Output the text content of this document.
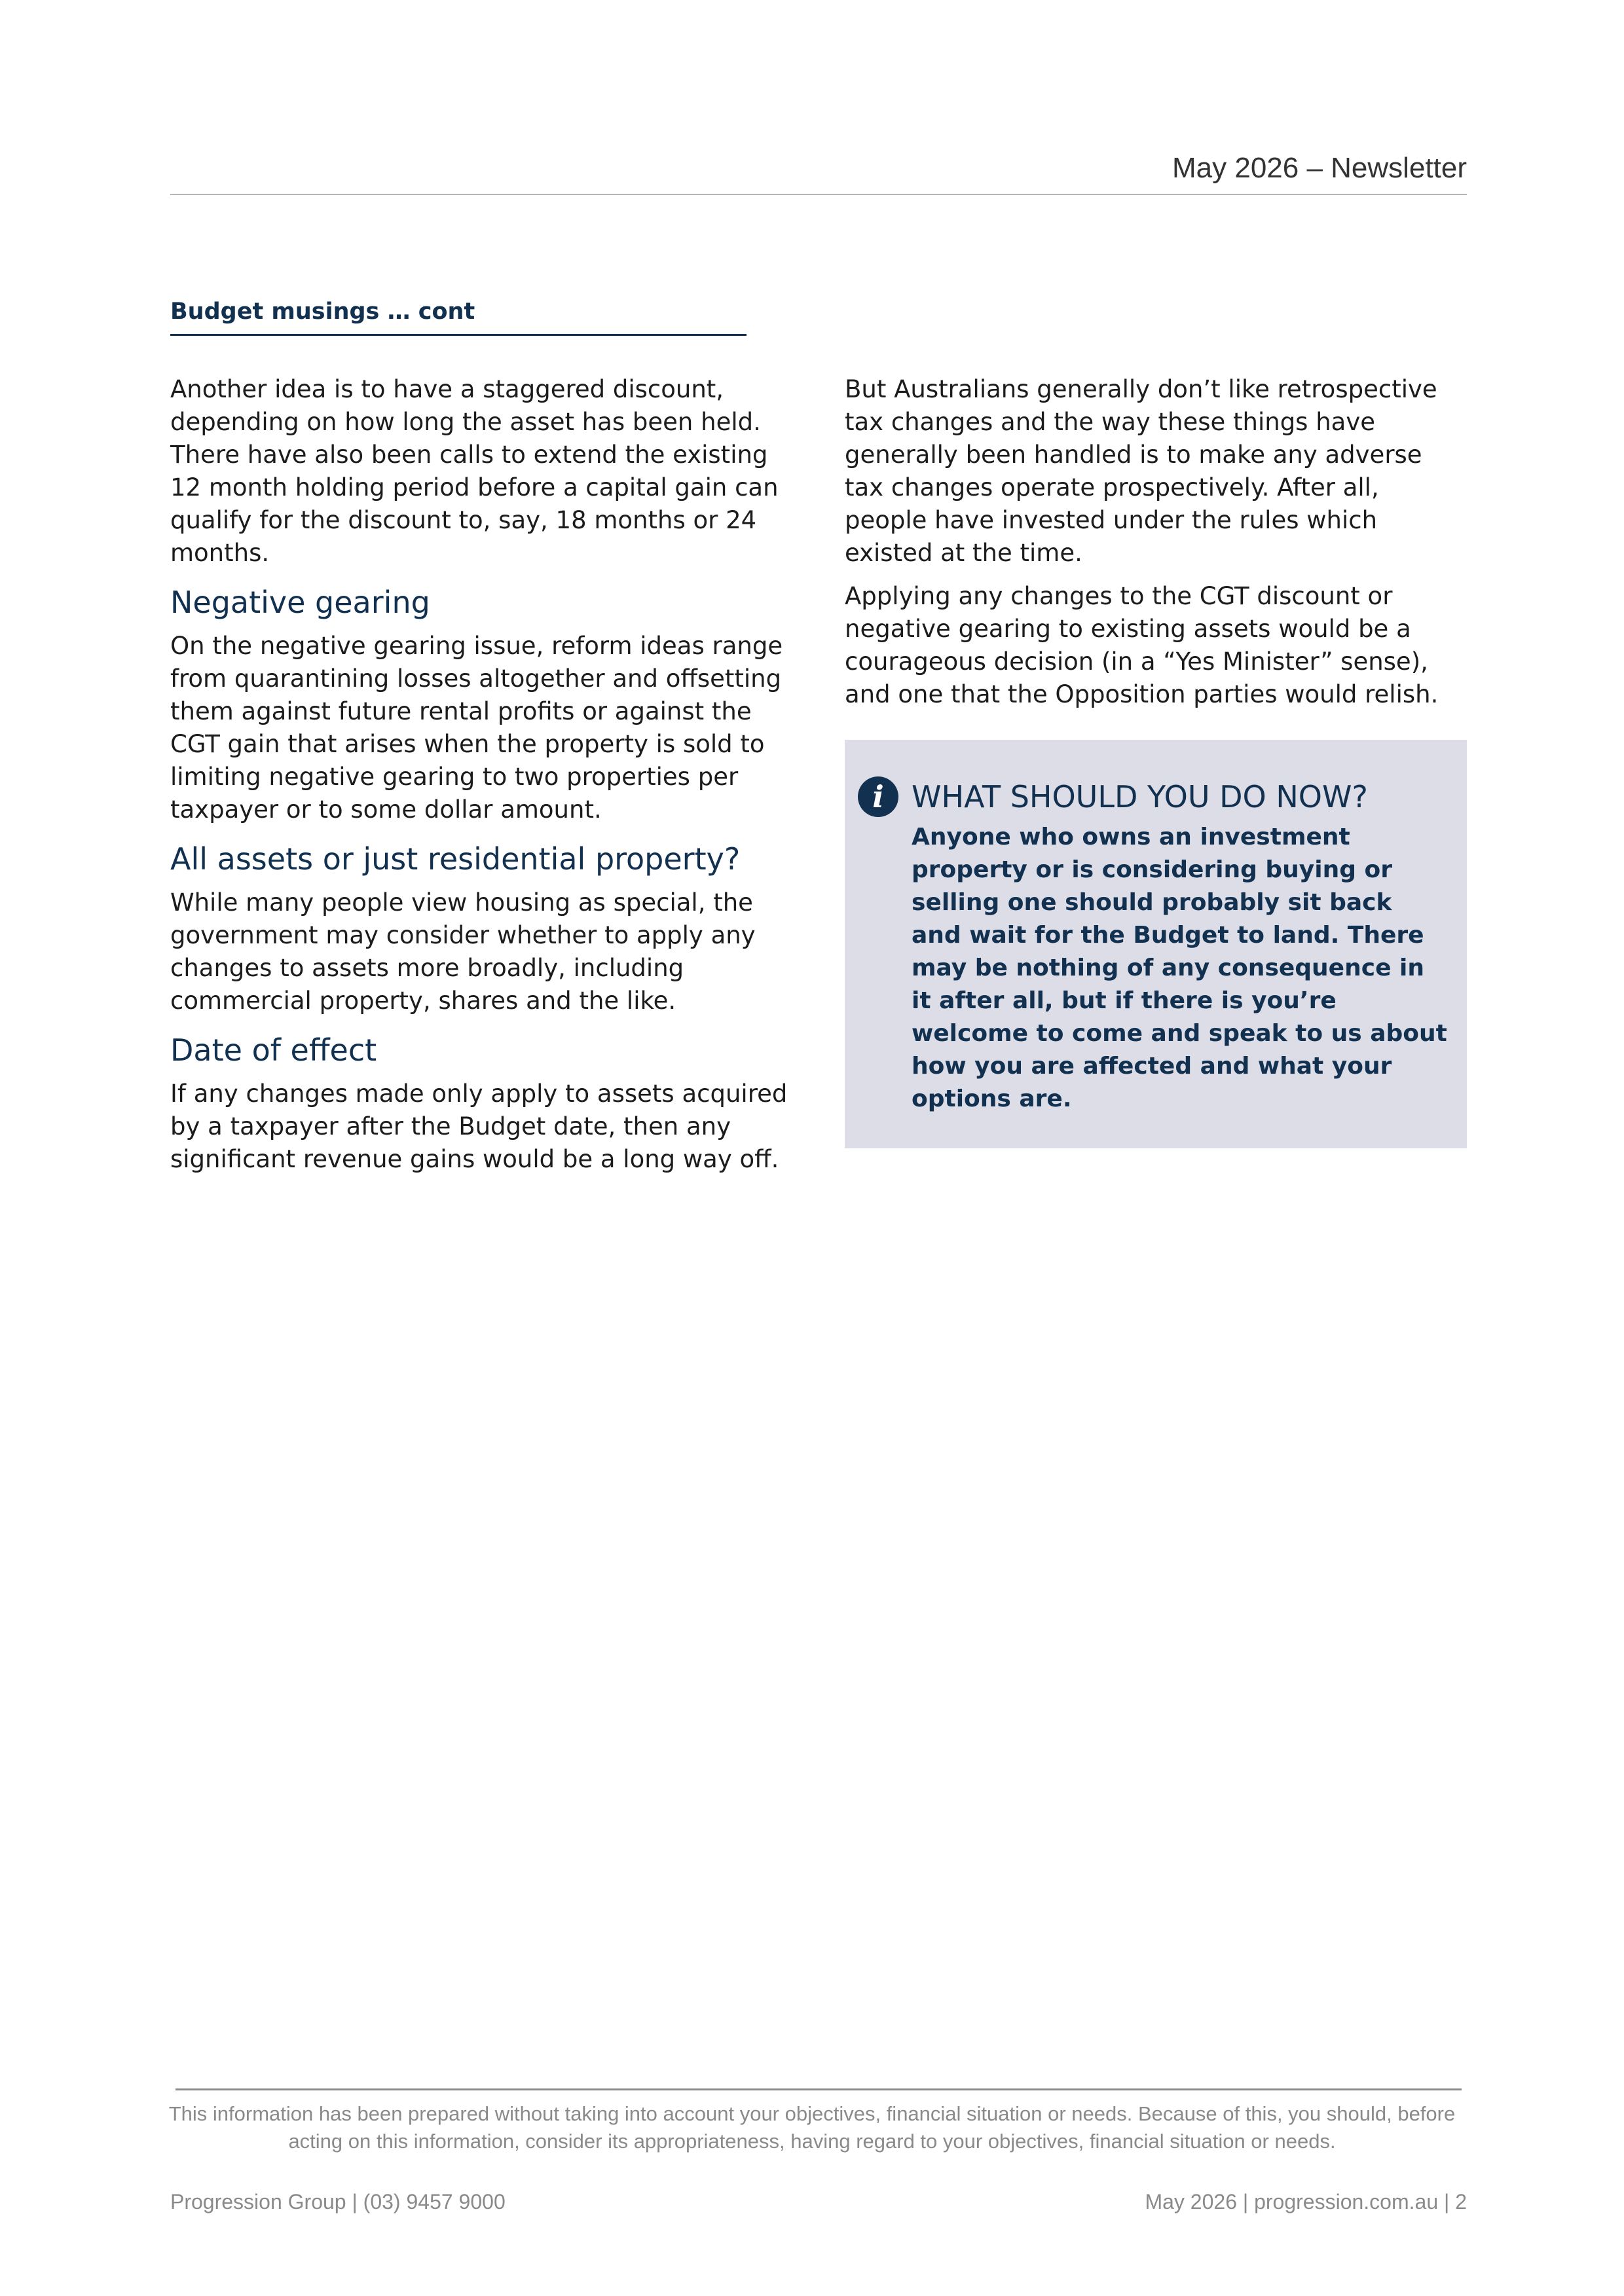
May 2026 – Newsletter
Budget musings … cont

Another idea is to have a staggered discount, depending on how long the asset has been held. There have also been calls to extend the existing 12 month holding period before a capital gain can qualify for the discount to, say, 18 months or 24 months.

Negative gearing

On the negative gearing issue, reform ideas range from quarantining losses altogether and offsetting them against future rental profits or against the CGT gain that arises when the property is sold to limiting negative gearing to two properties per taxpayer or to some dollar amount.

All assets or just residential property?

While many people view housing as special, the government may consider whether to apply any changes to assets more broadly, including commercial property, shares and the like.

Date of effect

If any changes made only apply to assets acquired by a taxpayer after the Budget date, then any significant revenue gains would be a long way off.

But Australians generally don’t like retrospective tax changes and the way these things have generally been handled is to make any adverse tax changes operate prospectively. After all, people have invested under the rules which existed at the time.

Applying any changes to the CGT discount or negative gearing to existing assets would be a courageous decision (in a “Yes Minister” sense), and one that the Opposition parties would relish.

i WHAT SHOULD YOU DO NOW?

Anyone who owns an investment property or is considering buying or selling one should probably sit back and wait for the Budget to land. There may be nothing of any consequence in it after all, but if there is you’re welcome to come and speak to us about how you are affected and what your options are.

This information has been prepared without taking into account your objectives, financial situation or needs. Because of this, you should, before acting on this information, consider its appropriateness, having regard to your objectives, financial situation or needs.
Progression Group | (03) 9457 9000	May 2026 | progression.com.au | 2
